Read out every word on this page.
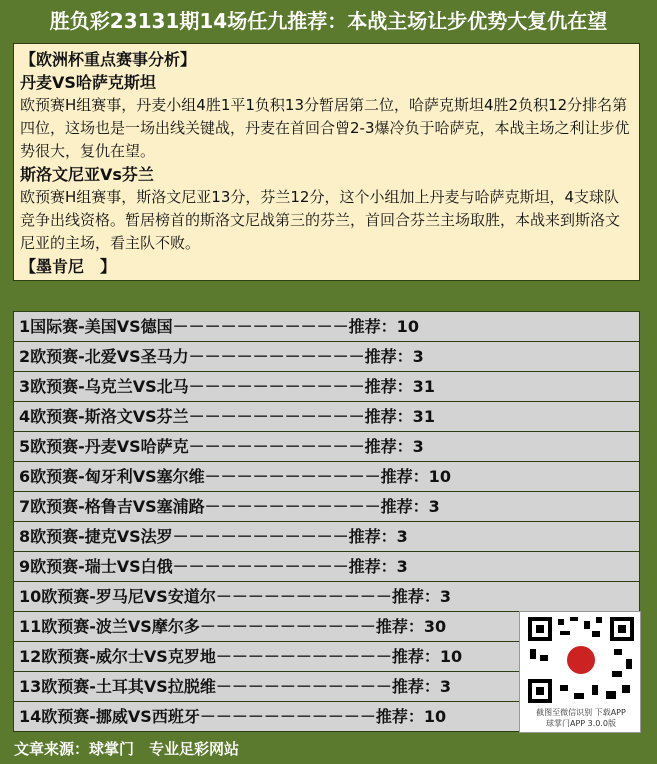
胜负彩23131期14场任九推荐：本战主场让步优势大复仇在望
【欧洲杯重点赛事分析】
丹麦VS哈萨克斯坦
欧预赛H组赛事，丹麦小组4胜1平1负积13分暂居第二位，哈萨克斯坦4胜2负积12分排名第四位，这场也是一场出线关键战，丹麦在首回合曾2-3爆冷负于哈萨克，本战主场之利让步优势很大，复仇在望。
斯洛文尼亚Vs芬兰
欧预赛H组赛事，斯洛文尼亚13分，芬兰12分，这个小组加上丹麦与哈萨克斯坦，4支球队竞争出线资格。暂居榜首的斯洛文尼战第三的芬兰，首回合芬兰主场取胜，本战来到斯洛文尼亚的主场，看主队不败。
【墨肯尼　】
1国际赛-美国VS德国－－－－－－－－－－－推荐：10
2欧预赛-北爱VS圣马力－－－－－－－－－－－推荐：3
3欧预赛-乌克兰VS北马－－－－－－－－－－－推荐：31
4欧预赛-斯洛文VS芬兰－－－－－－－－－－－推荐：31
5欧预赛-丹麦VS哈萨克－－－－－－－－－－－推荐：3
6欧预赛-匈牙利VS塞尔维－－－－－－－－－－－推荐：10
7欧预赛-格鲁吉VS塞浦路－－－－－－－－－－－推荐：3
8欧预赛-捷克VS法罗－－－－－－－－－－－推荐：3
9欧预赛-瑞士VS白俄－－－－－－－－－－－推荐：3
10欧预赛-罗马尼VS安道尔－－－－－－－－－－－推荐：3
11欧预赛-波兰VS摩尔多－－－－－－－－－－－推荐：30
12欧预赛-威尔士VS克罗地－－－－－－－－－－－推荐：10
13欧预赛-土耳其VS拉脱维－－－－－－－－－－－推荐：3
14欧预赛-挪威VS西班牙－－－－－－－－－－－推荐：10	截图至微信识别 下载APP
球掌门APP 3.0.0版
文章来源：球掌门　专业足彩网站
